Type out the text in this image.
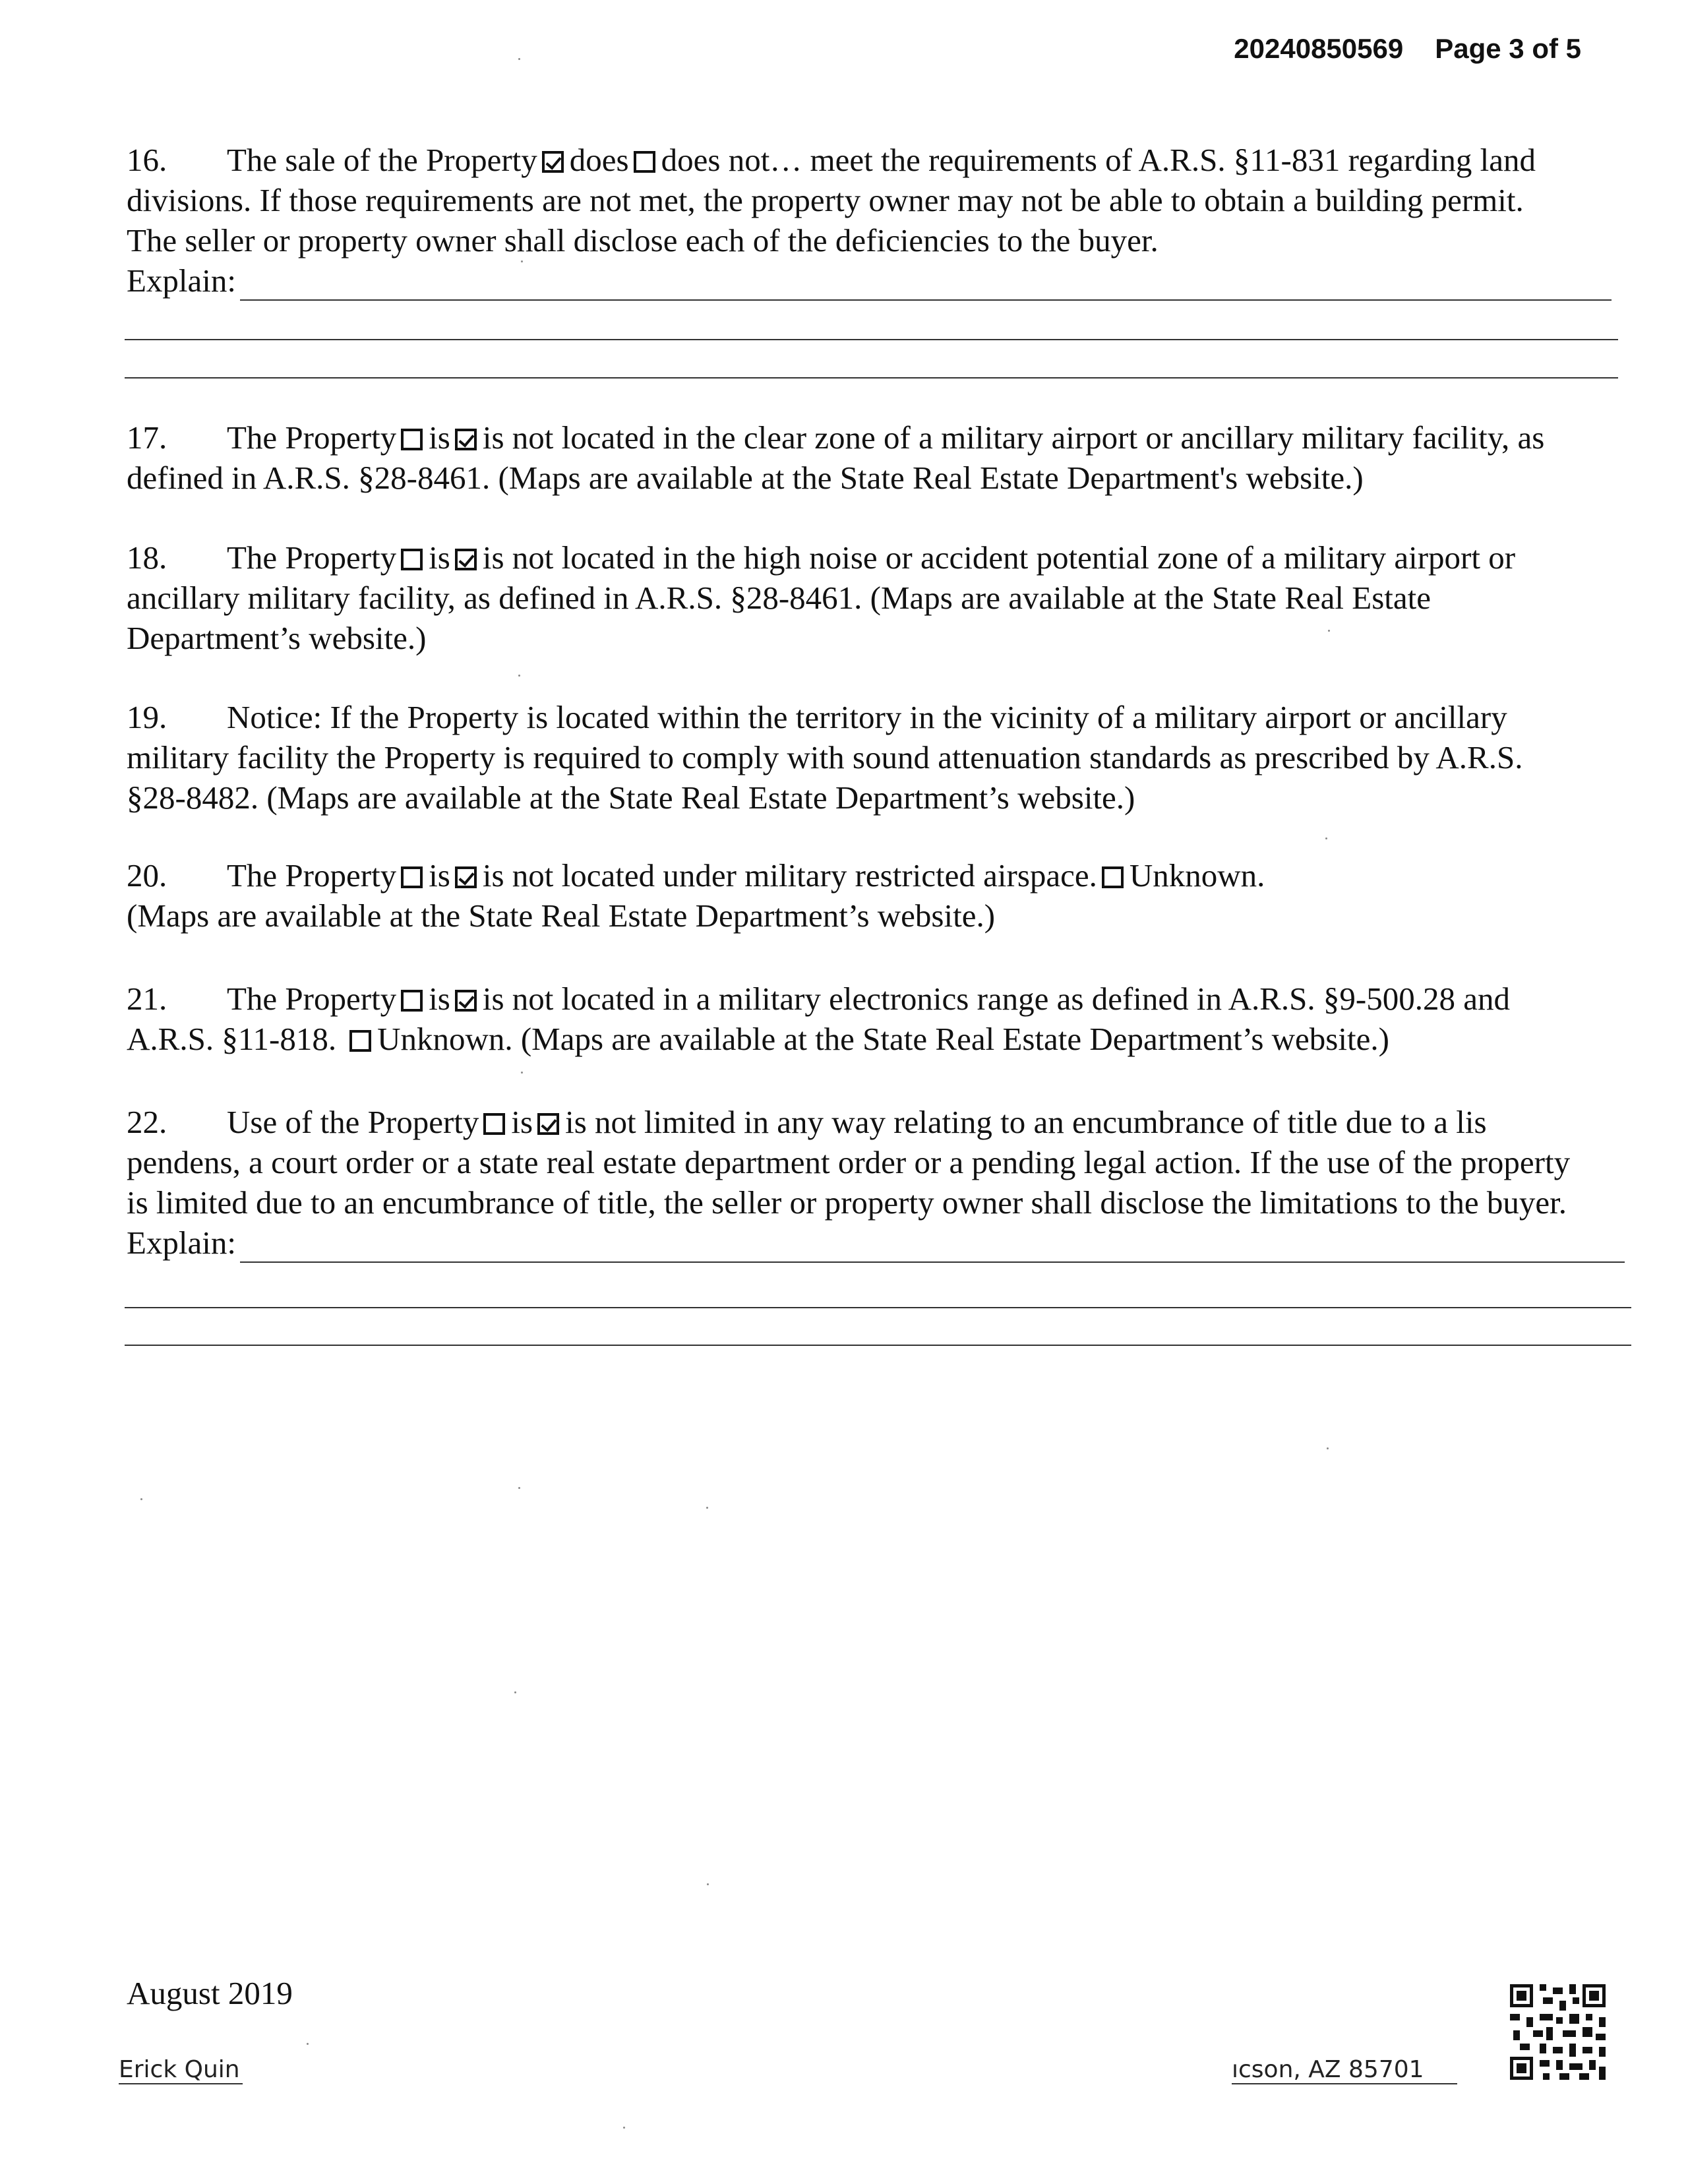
20240850569 Page 3 of 5
16. The sale of the Property does does not… meet the requirements of A.R.S. §11-831 regarding land
divisions. If those requirements are not met, the property owner may not be able to obtain a building permit.
The seller or property owner shall disclose each of the deficiencies to the buyer.
Explain:
17. The Property is is not located in the clear zone of a military airport or ancillary military facility, as
defined in A.R.S. §28-8461. (Maps are available at the State Real Estate Department's website.)
18. The Property is is not located in the high noise or accident potential zone of a military airport or
ancillary military facility, as defined in A.R.S. §28-8461. (Maps are available at the State Real Estate
Department’s website.)
19. Notice: If the Property is located within the territory in the vicinity of a military airport or ancillary
military facility the Property is required to comply with sound attenuation standards as prescribed by A.R.S.
§28-8482. (Maps are available at the State Real Estate Department’s website.)
20. The Property is is not located under military restricted airspace. Unknown.
(Maps are available at the State Real Estate Department’s website.)
21. The Property is is not located in a military electronics range as defined in A.R.S. §9-500.28 and
A.R.S. §11-818. Unknown. (Maps are available at the State Real Estate Department’s website.)
22. Use of the Property is is not limited in any way relating to an encumbrance of title due to a lis
pendens, a court order or a state real estate department order or a pending legal action. If the use of the property
is limited due to an encumbrance of title, the seller or property owner shall disclose the limitations to the buyer.
Explain:
August 2019
Erick Quin	ıcson, AZ 85701
